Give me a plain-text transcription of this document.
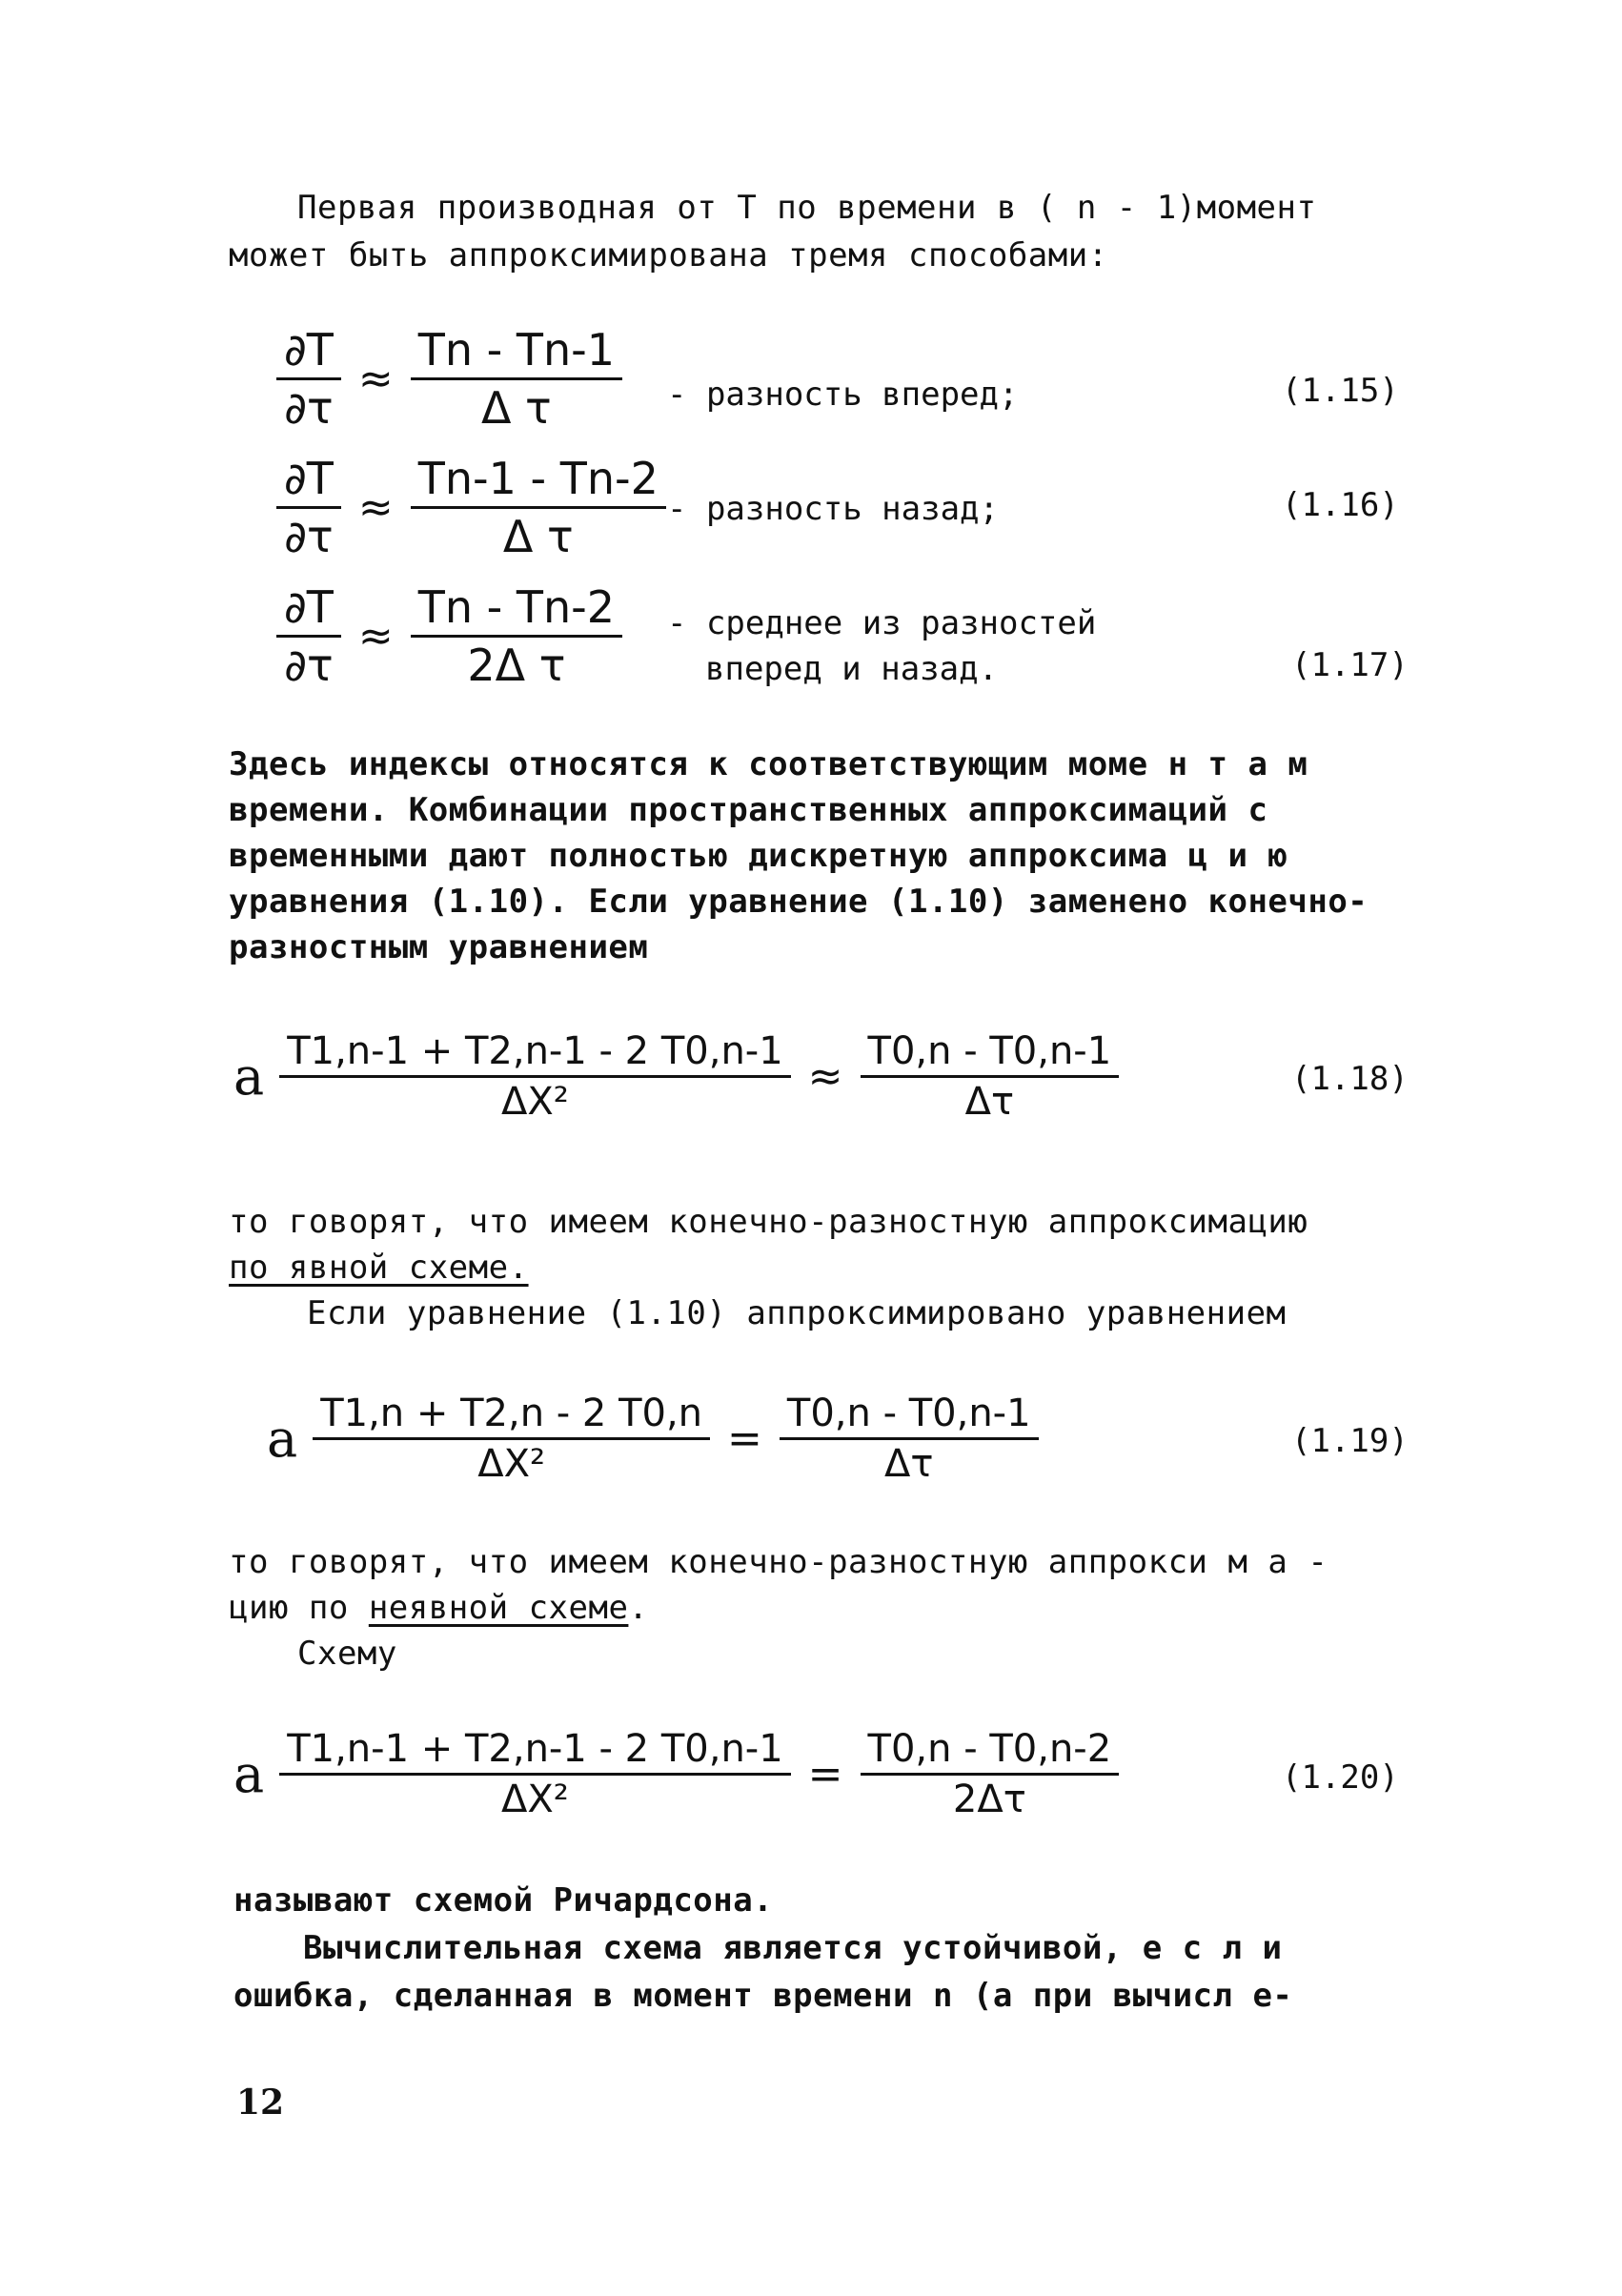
Первая производная от Т по времени в ( n - 1)момент
может быть аппроксимирована тремя способами:
$\frac{\partial T}{\partial\tau} \approx \frac{Tn - Tn-1}{\text{Δ τ}}$ - разность вперед;	(1.15)
$\frac{\partial T}{\partial\tau} \approx \frac{Tn-1 - Tn-2}{\text{Δ τ}}$ - разность назад;	(1.16)
$\frac{\partial T}{\partial\tau} \approx \frac{Tn - Tn-2}{\text{2Δ τ}}$ - среднее из разностей
вперед и назад.	(1.17)
Здесь индексы относятся к соответствующим моме н т а м
времени. Комбинации пространственных аппроксимаций с
временными дают полностью дискретную аппроксима ц и ю
уравнения (1.10). Если уравнение (1.10) заменено конечно-
разностным уравнением
a $\frac{T1,n-1 + T2,n-1 - 2 T0,n-1}{\text{ΔX²}} \approx \frac{T0,n - T0,n-1}{\Delta\tau}$	(1.18)
то говорят, что имеем конечно-разностную аппроксимацию
по явной схеме.
Если уравнение (1.10) аппроксимировано уравнением
a $\frac{T1,n + T2,n - 2 T0,n}{\text{ΔX²}} = \frac{T0,n - T0,n-1}{\Delta\tau}$	(1.19)
то говорят, что имеем конечно-разностную аппрокси м а -
цию по неявной схеме.
Схему
a $\frac{T1,n-1 + T2,n-1 - 2 T0,n-1}{\text{ΔX²}} = \frac{T0,n - T0,n-2}{2\Delta\tau}$	(1.20)
называют схемой Ричардсона.
Вычислительная схема является устойчивой, е с л и
ошибка, сделанная в момент времени n (а при вычисл е-
12
